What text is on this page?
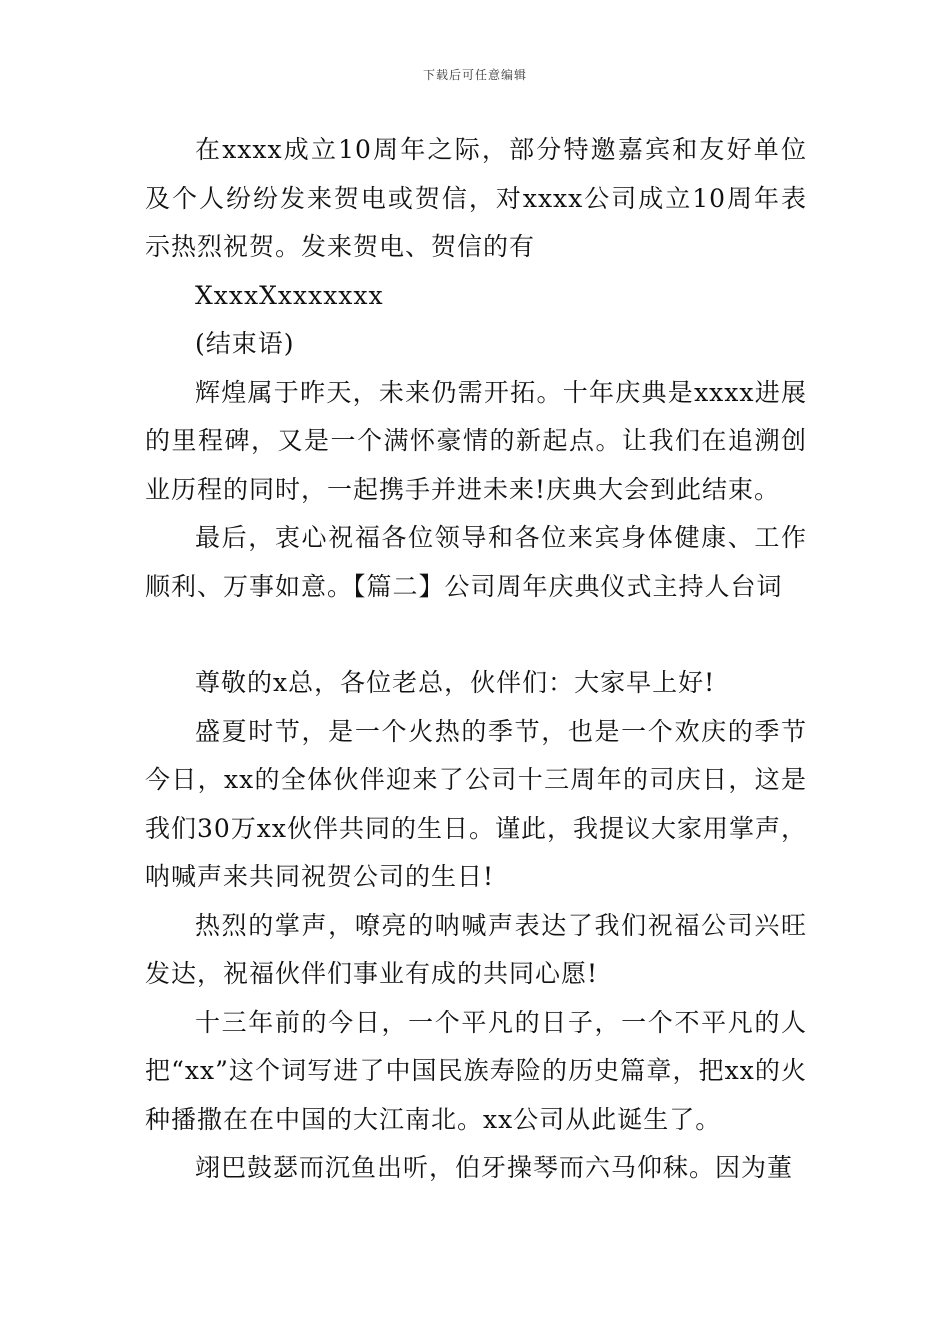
下载后可任意编辑

在xxxx成立10周年之际，部分特邀嘉宾和友好单位及个人纷纷发来贺电或贺信，对xxxx公司成立10周年表示热烈祝贺。发来贺电、贺信的有

XxxxXxxxxxxx

(结束语)

辉煌属于昨天，未来仍需开拓。十年庆典是xxxx进展的里程碑，又是一个满怀豪情的新起点。让我们在追溯创业历程的同时，一起携手并进未来!庆典大会到此结束。

最后，衷心祝福各位领导和各位来宾身体健康、工作顺利、万事如意。【篇二】公司周年庆典仪式主持人台词

尊敬的x总，各位老总，伙伴们：大家早上好!

盛夏时节，是一个火热的季节，也是一个欢庆的季节今日，xx的全体伙伴迎来了公司十三周年的司庆日，这是我们30万xx伙伴共同的生日。谨此，我提议大家用掌声，呐喊声来共同祝贺公司的生日!

热烈的掌声，嘹亮的呐喊声表达了我们祝福公司兴旺发达，祝福伙伴们事业有成的共同心愿!

十三年前的今日，一个平凡的日子，一个不平凡的人把“xx”这个词写进了中国民族寿险的历史篇章，把xx的火种播撒在在中国的大江南北。xx公司从此诞生了。

翊巴鼓瑟而沉鱼出听，伯牙操琴而六马仰秣。因为董
